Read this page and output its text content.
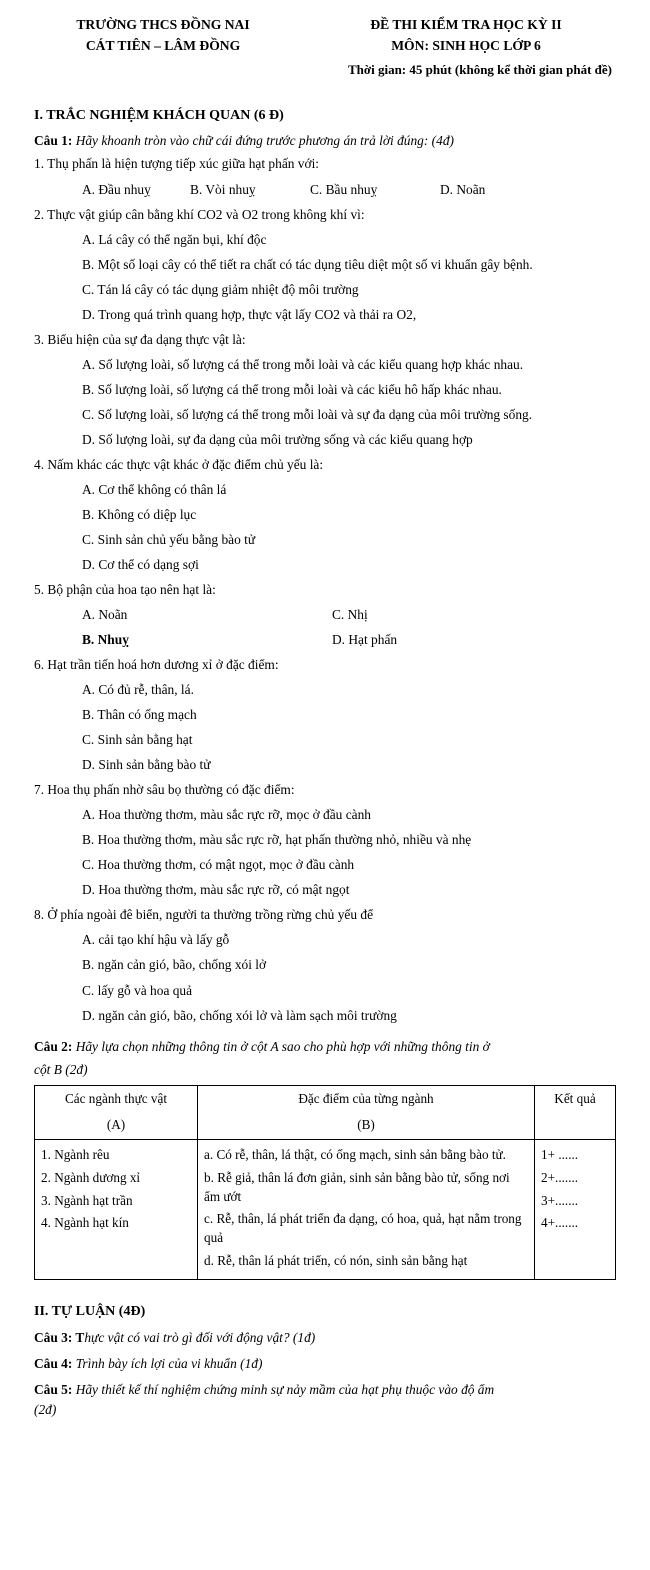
TRƯỜNG THCS ĐỒNG NAI
CÁT TIÊN – LÂM ĐỒNG
ĐỀ THI KIỂM TRA HỌC KỲ II
MÔN: SINH HỌC LỚP 6
Thời gian: 45 phút (không kể thời gian phát đề)
I. TRẮC NGHIỆM KHÁCH QUAN (6 Đ)
Câu 1: Hãy khoanh tròn vào chữ cái đứng trước phương án trả lời đúng: (4đ)
1. Thụ phấn là hiện tượng tiếp xúc giữa hạt phấn với:
A. Đầu nhuỵ	B. Vòi nhuỵ	C. Bầu nhuỵ	D. Noãn
2. Thực vật giúp cân bằng khí CO2 và O2 trong không khí vì:
A. Lá cây có thể ngăn bụi, khí độc
B. Một số loại cây có thể tiết ra chất có tác dụng tiêu diệt một số vi khuẩn gây bệnh.
C. Tán lá cây có tác dụng giảm nhiệt độ môi trường
D. Trong quá trình quang hợp, thực vật lấy CO2 và thải ra O2,
3. Biểu hiện của sự đa dạng thực vật là:
A. Số lượng loài, số lượng cá thể trong mỗi loài và các kiểu quang hợp khác nhau.
B. Số lượng loài, số lượng cá thể trong mỗi loài và các kiểu hô hấp khác nhau.
C. Số lượng loài, số lượng cá thể trong mỗi loài và sự đa dạng của môi trường sống.
D. Số lượng loài, sự đa dạng của môi trường sống và các kiểu quang hợp
4. Nấm khác các thực vật khác ở đặc điểm chủ yếu là:
A. Cơ thể không có thân lá
B. Không có diệp lục
C. Sinh sản chủ yếu bằng bào tử
D. Cơ thể có dạng sợi
5. Bộ phận của hoa tạo nên hạt là:
A. Noãn	C. Nhị
B. Nhuỵ	D. Hạt phấn
6. Hạt trần tiến hoá hơn dương xỉ ở đặc điểm:
A. Có đủ rễ, thân, lá.
B. Thân có ống mạch
C. Sinh sản bằng hạt
D. Sinh sản bằng bào tử
7. Hoa thụ phấn nhờ sâu bọ thường có đặc điểm:
A. Hoa thường thơm, màu sắc rực rỡ, mọc ở đầu cành
B. Hoa thường thơm, màu sắc rực rỡ, hạt phấn thường nhỏ, nhiều và nhẹ
C. Hoa thường thơm, có mật ngọt, mọc ở đầu cành
D. Hoa thường thơm, màu sắc rực rỡ, có mật ngọt
8. Ở phía ngoài đê biển, người ta thường trồng rừng chủ yếu để
A. cải tạo khí hậu và lấy gỗ
B. ngăn cản gió, bão, chống xói lở
C. lấy gỗ và hoa quả
D. ngăn cản gió, bão, chống xói lở và làm sạch môi trường
Câu 2: Hãy lựa chọn những thông tin ở cột A sao cho phù hợp với những thông tin ở
cột B (2đ)
Các ngành thực vật
(A)

Đặc điểm của từng ngành
(B)

Kết quả

1. Ngành rêu
2. Ngành dương xỉ
3. Ngành hạt trần
4. Ngành hạt kín

a. Có rễ, thân, lá thật, có ống mạch, sinh sản bằng bào tử.
b. Rễ giả, thân lá đơn giản, sinh sản bằng bào tử, sống nơi ẩm ướt
c. Rễ, thân, lá phát triển đa dạng, có hoa, quả, hạt nằm trong quả
d. Rễ, thân lá phát triển, có nón, sinh sản bằng hạt

1+ ......
2+.......
3+.......
4+.......
II. TỰ LUẬN (4Đ)
Câu 3: Thực vật có vai trò gì đối với động vật? (1đ)
Câu 4: Trình bày ích lợi của vi khuẩn (1đ)
Câu 5: Hãy thiết kế thí nghiệm chứng minh sự nảy mầm của hạt phụ thuộc vào độ ẩm
(2đ)
